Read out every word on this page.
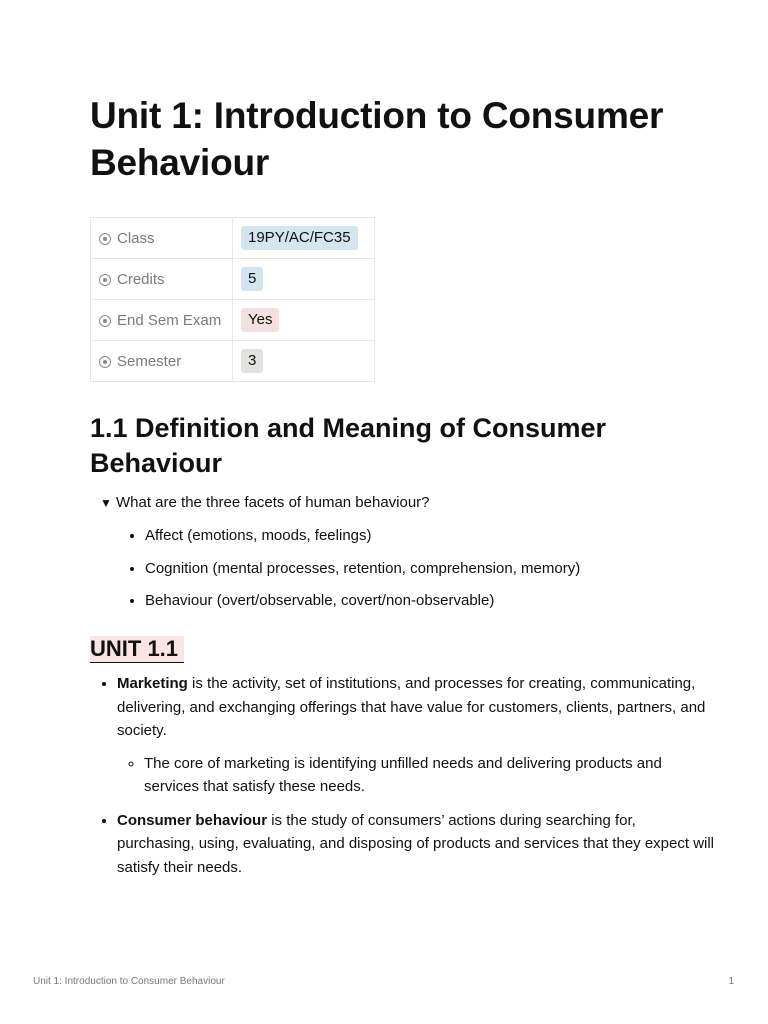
Unit 1: Introduction to Consumer Behaviour
Class	19PY/AC/FC35
Credits	5
End Sem Exam	Yes
Semester	3
1.1 Definition and Meaning of Consumer Behaviour
▼ What are the three facets of human behaviour?
• Affect (emotions, moods, feelings)
• Cognition (mental processes, retention, comprehension, memory)
• Behaviour (overt/observable, covert/non-observable)
UNIT 1.1
• Marketing is the activity, set of institutions, and processes for creating, communicating, delivering, and exchanging offerings that have value for customers, clients, partners, and society.
◦ The core of marketing is identifying unfilled needs and delivering products and services that satisfy these needs.
• Consumer behaviour is the study of consumers’ actions during searching for, purchasing, using, evaluating, and disposing of products and services that they expect will satisfy their needs.
Unit 1: Introduction to Consumer Behaviour	1
